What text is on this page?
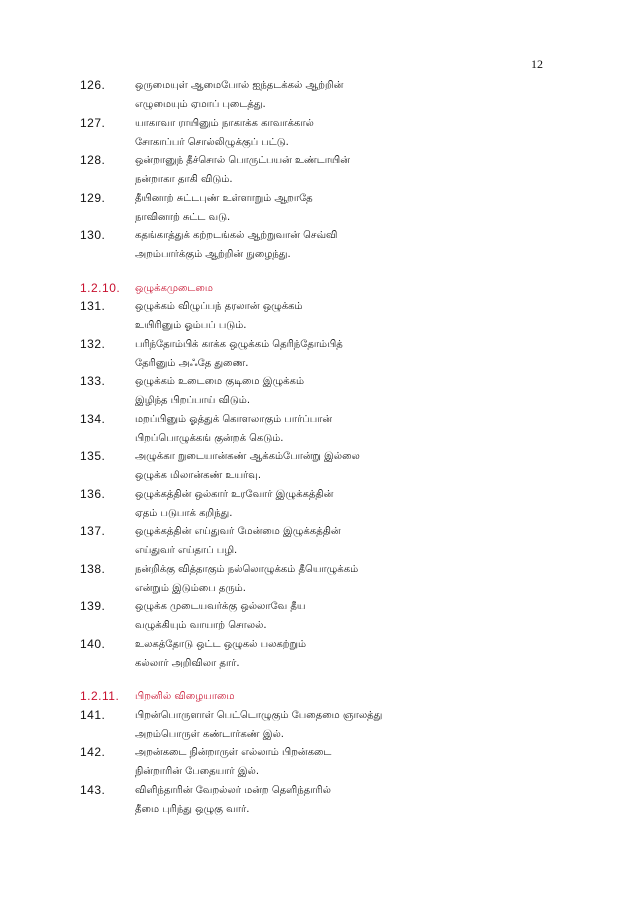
12
126.	ஒருமையுள் ஆமைபோல் ஐந்தடக்கல் ஆற்றின்
எழுமையும் ஏமாப் புடைத்து.
127.	யாகாவா ராயினும் நாகாக்க காவாக்கால்
சோகாப்பர் சொல்லிழுக்குப் பட்டு.
128.	ஒன்றானுந் தீச்சொல் பொருட்பயன் உண்டாயின்
நன்றாகா தாகி விடும்.
129.	தீயினாற் சுட்டபுண் உள்ளாறும் ஆறாதே
நாவினாற் சுட்ட வடு.
130.	கதங்காத்துக் கற்றடங்கல் ஆற்றுவான் செவ்வி
அறம்பார்க்கும் ஆற்றின் நுழைந்து.
1.2.10.	ஒழுக்கமுடைமை
131.	ஒழுக்கம் விழுப்பந் தரலான் ஒழுக்கம்
உயிரினும் ஓம்பப் படும்.
132.	பரிந்தோம்பிக் காக்க ஒழுக்கம் தெரிந்தோம்பித்
தேரினும் அஃதே துணை.
133.	ஒழுக்கம் உடைமை குடிமை இழுக்கம்
இழிந்த பிறப்பாய் விடும்.
134.	மறப்பினும் ஓத்துக் கொளலாகும் பார்ப்பான்
பிறப்பொழுக்கங் குன்றக் கெடும்.
135.	அழுக்கா றுடையான்கண் ஆக்கம்போன்று இல்லை
ஒழுக்க மிலான்கண் உயர்வு.
136.	ஒழுக்கத்தின் ஒல்கார் உரவோர் இழுக்கத்தின்
ஏதம் படுபாக் கறிந்து.
137.	ஒழுக்கத்தின் எய்துவர் மேன்மை இழுக்கத்தின்
எய்துவர் எய்தாப் பழி.
138.	நன்றிக்கு வித்தாகும் நல்லொழுக்கம் தீயொழுக்கம்
என்றும் இடும்பை தரும்.
139.	ஒழுக்க முடையவர்க்கு ஒல்லாவே தீய
வழுக்கியும் வாயாற் சொலல்.
140.	உலகத்தோடு ஒட்ட ஒழுகல் பலகற்றும்
கல்லார் அறிவிலா தார்.
1.2.11.	பிறனில் விழையாமை
141.	பிறன்பொருளாள் பெட்டொழுகும் பேதைமை ஞாலத்து
அறம்பொருள் கண்டார்கண் இல்.
142.	அறன்கடை நின்றாருள் எல்லாம் பிறன்கடை
நின்றாரின் பேதையார் இல்.
143.	விளிந்தாரின் வேறல்லர் மன்ற தெளிந்தாரில்
தீமை புரிந்து ஒழுகு வார்.
